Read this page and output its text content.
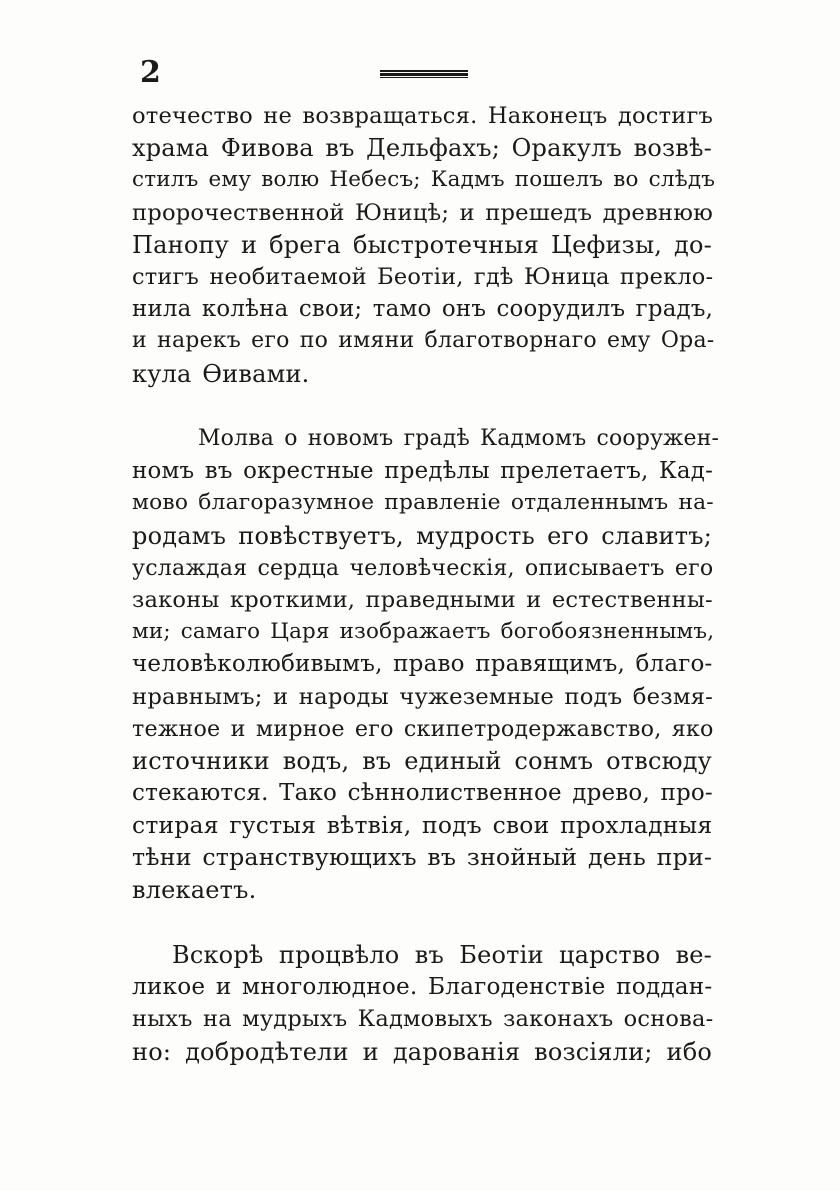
2
отечество не возвращаться. Наконецъ достигъ
храма Фивова въ Дельфахъ; Оракулъ возвѣ-
стилъ ему волю Небесъ; Кадмъ пошелъ во слѣдъ
пророчественной Юницѣ; и прешедъ древнюю
Панопу и брега быстротечныя Цефизы, до-
стигъ необитаемой Беотіи, гдѣ Юница прекло-
нила колѣна свои; тамо онъ соорудилъ градъ,
и нарекъ его по имяни благотворнаго ему Ора-
кула Ѳивами.
Молва о новомъ градѣ Кадмомъ сооружен-
номъ въ окрестные предѣлы прелетаетъ, Кад-
мово благоразумное правленіе отдаленнымъ на-
родамъ повѣствуетъ, мудрость его славитъ;
услаждая сердца человѣческія, описываетъ его
законы кроткими, праведными и естественны-
ми; самаго Царя изображаетъ богобоязненнымъ,
человѣколюбивымъ, право правящимъ, благо-
нравнымъ; и народы чужеземные подъ безмя-
тежное и мирное его скипетродержавство, яко
источники водъ, въ единый сонмъ отвсюду
стекаются. Тако сѣннолиственное древо, про-
стирая густыя вѣтвія, подъ свои прохладныя
тѣни странствующихъ въ знойный день при-
влекаетъ.
Вскорѣ процвѣло въ Беотіи царство ве-
ликое и многолюдное. Благоденствіе поддан-
ныхъ на мудрыхъ Кадмовыхъ законахъ основа-
но: добродѣтели и дарованія возсіяли; ибо
